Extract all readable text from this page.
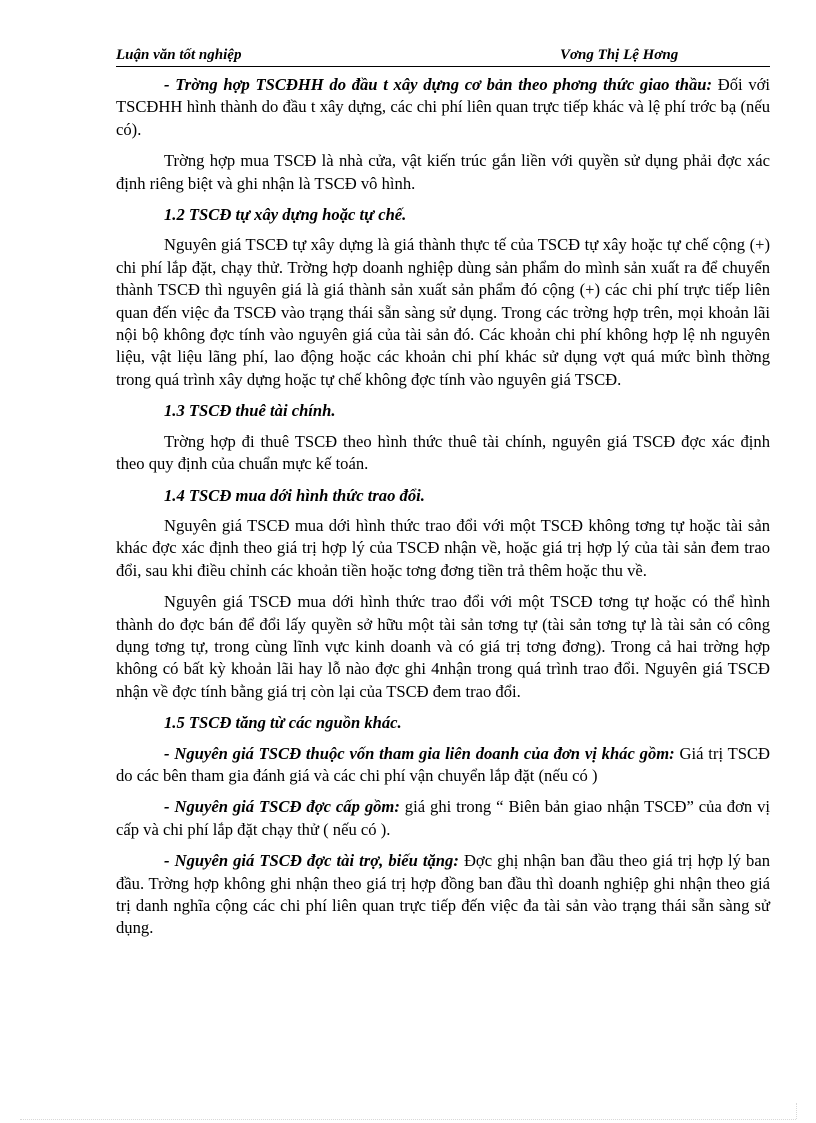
Luận văn tốt nghiệp	Vơng Thị Lệ Hơng

- Trờng hợp TSCĐHH do đầu t xây dựng cơ bản theo phơng thức giao thầu: Đối với TSCĐHH hình thành do đầu t xây dựng, các chi phí liên quan trực tiếp khác và lệ phí trớc bạ (nếu có).

Trờng hợp mua TSCĐ là nhà cửa, vật kiến trúc gắn liền với quyền sử dụng phải đợc xác định riêng biệt và ghi nhận là TSCĐ vô hình.

1.2 TSCĐ tự xây dựng hoặc tự chế.

Nguyên giá TSCĐ tự xây dựng là giá thành thực tế của TSCĐ tự xây hoặc tự chế cộng (+) chi phí lắp đặt, chạy thử. Trờng hợp doanh nghiệp dùng sản phẩm do mình sản xuất ra để chuyển thành TSCĐ thì nguyên giá là giá thành sản xuất sản phẩm đó cộng (+) các chi phí trực tiếp liên quan đến việc đa TSCĐ vào trạng thái sẵn sàng sử dụng. Trong các trờng hợp trên, mọi khoản lãi nội bộ không đợc tính vào nguyên giá của tài sản đó. Các khoản chi phí không hợp lệ nh nguyên liệu, vật liệu lãng phí, lao động hoặc các khoản chi phí khác sử dụng vợt quá mức bình thờng trong quá trình xây dựng hoặc tự chế không đợc tính vào nguyên giá TSCĐ.

1.3 TSCĐ thuê tài chính.

Trờng hợp đi thuê TSCĐ theo hình thức thuê tài chính, nguyên giá TSCĐ đợc xác định theo quy định của chuẩn mực kế toán.

1.4 TSCĐ mua dới hình thức trao đổi.

Nguyên giá TSCĐ mua dới hình thức trao đổi với một TSCĐ không tơng tự hoặc tài sản khác đợc xác định theo giá trị hợp lý của TSCĐ nhận về, hoặc giá trị hợp lý của tài sản đem trao đổi, sau khi điều chỉnh các khoản tiền hoặc tơng đơng tiền trả thêm hoặc thu về.

Nguyên giá TSCĐ mua dới hình thức trao đổi với một TSCĐ tơng tự hoặc có thể hình thành do đợc bán để đổi lấy quyền sở hữu một tài sản tơng tự (tài sản tơng tự là tài sản có công dụng tơng tự, trong cùng lĩnh vực kinh doanh và có giá trị tơng đơng). Trong cả hai trờng hợp không có bất kỳ khoản lãi hay lỗ nào đợc ghi 4nhận trong quá trình trao đổi. Nguyên giá TSCĐ nhận về đợc tính bằng giá trị còn lại của TSCĐ đem trao đổi.

1.5 TSCĐ tăng từ các nguồn khác.

- Nguyên giá TSCĐ thuộc vốn tham gia liên doanh của đơn vị khác gồm: Giá trị TSCĐ do các bên tham gia đánh giá và các chi phí vận chuyển lắp đặt (nếu có )

- Nguyên giá TSCĐ đợc cấp gồm: giá ghi trong “ Biên bản giao nhận TSCĐ” của đơn vị cấp và chi phí lắp đặt chạy thử ( nếu có ).

- Nguyên giá TSCĐ đợc tài trợ, biếu tặng: Đợc ghị nhận ban đầu theo giá trị hợp lý ban đầu. Trờng hợp không ghi nhận theo giá trị hợp đồng ban đầu thì doanh nghiệp ghi nhận theo giá trị danh nghĩa cộng các chi phí liên quan trực tiếp đến việc đa tài sản vào trạng thái sẵn sàng sử dụng.
